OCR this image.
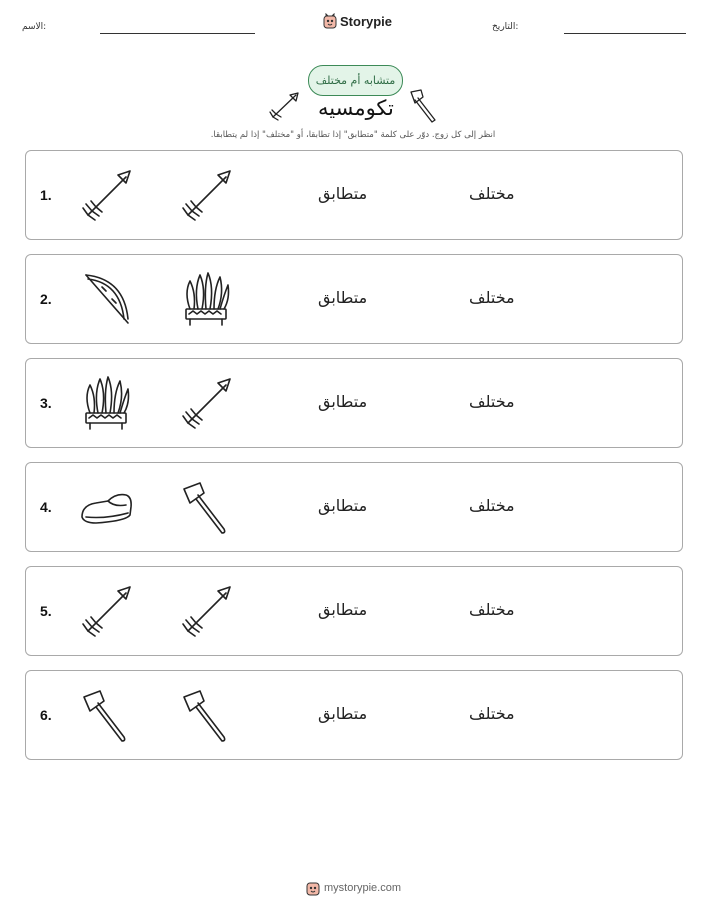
الاسم:	Storypie	التاريخ:
متشابه أم مختلف
تكومسيه
انظر إلى كل زوج. دوّر على كلمة "متطابق" إذا تطابقا، أو "مختلف" إذا لم يتطابقا.
1.	متطابق	مختلف
2.	متطابق	مختلف
3.	متطابق	مختلف
4.	متطابق	مختلف
5.	متطابق	مختلف
6.	متطابق	مختلف
mystorypie.com
